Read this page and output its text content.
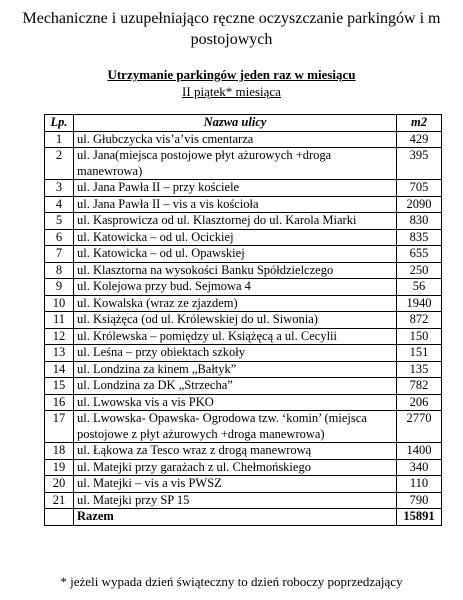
Mechaniczne i uzupełniająco ręczne oczyszczanie parkingów i m
postojowych
Utrzymanie parkingów jeden raz w miesiącu
II piątek* miesiąca
Lp.	Nazwa ulicy	m2
1	ul. Głubczycka vis’a’vis cmentarza	429
2	ul. Jana(miejsca postojowe płyt ażurowych +droga manewrowa)	395
3	ul. Jana Pawła II – przy kościele	705
4	ul. Jana Pawła II – vis a vis kościoła	2090
5	ul. Kasprowicza od ul. Klasztornej do ul. Karola Miarki	830
6	ul. Katowicka – od ul. Ocickiej	835
7	ul. Katowicka – od ul. Opawskiej	655
8	ul. Klasztorna na wysokości Banku Spółdzielczego	250
9	ul. Kolejowa przy bud. Sejmowa 4	56
10	ul. Kowalska (wraz ze zjazdem)	1940
11	ul. Książęca (od ul. Królewskiej do ul. Siwonia)	872
12	ul. Królewska – pomiędzy ul. Książęcą a ul. Cecylii	150
13	ul. Leśna – przy obiektach szkoły	151
14	ul. Londzina za kinem „Bałtyk”	135
15	ul. Londzina za DK „Strzecha”	782
16	ul. Lwowska vis a vis PKO	206
17	ul. Lwowska- Opawska- Ogrodowa tzw. ‘komin’ (miejsca postojowe z płyt ażurowych +droga manewrowa)	2770
18	ul. Łąkowa za Tesco wraz z drogą manewrową	1400
19	ul. Matejki przy garażach z ul. Chełmońskiego	340
20	ul. Matejki – vis a vis PWSZ	110
21	ul. Matejki przy SP 15	790
	Razem	15891
* jeżeli wypada dzień świąteczny to dzień roboczy poprzedzający
